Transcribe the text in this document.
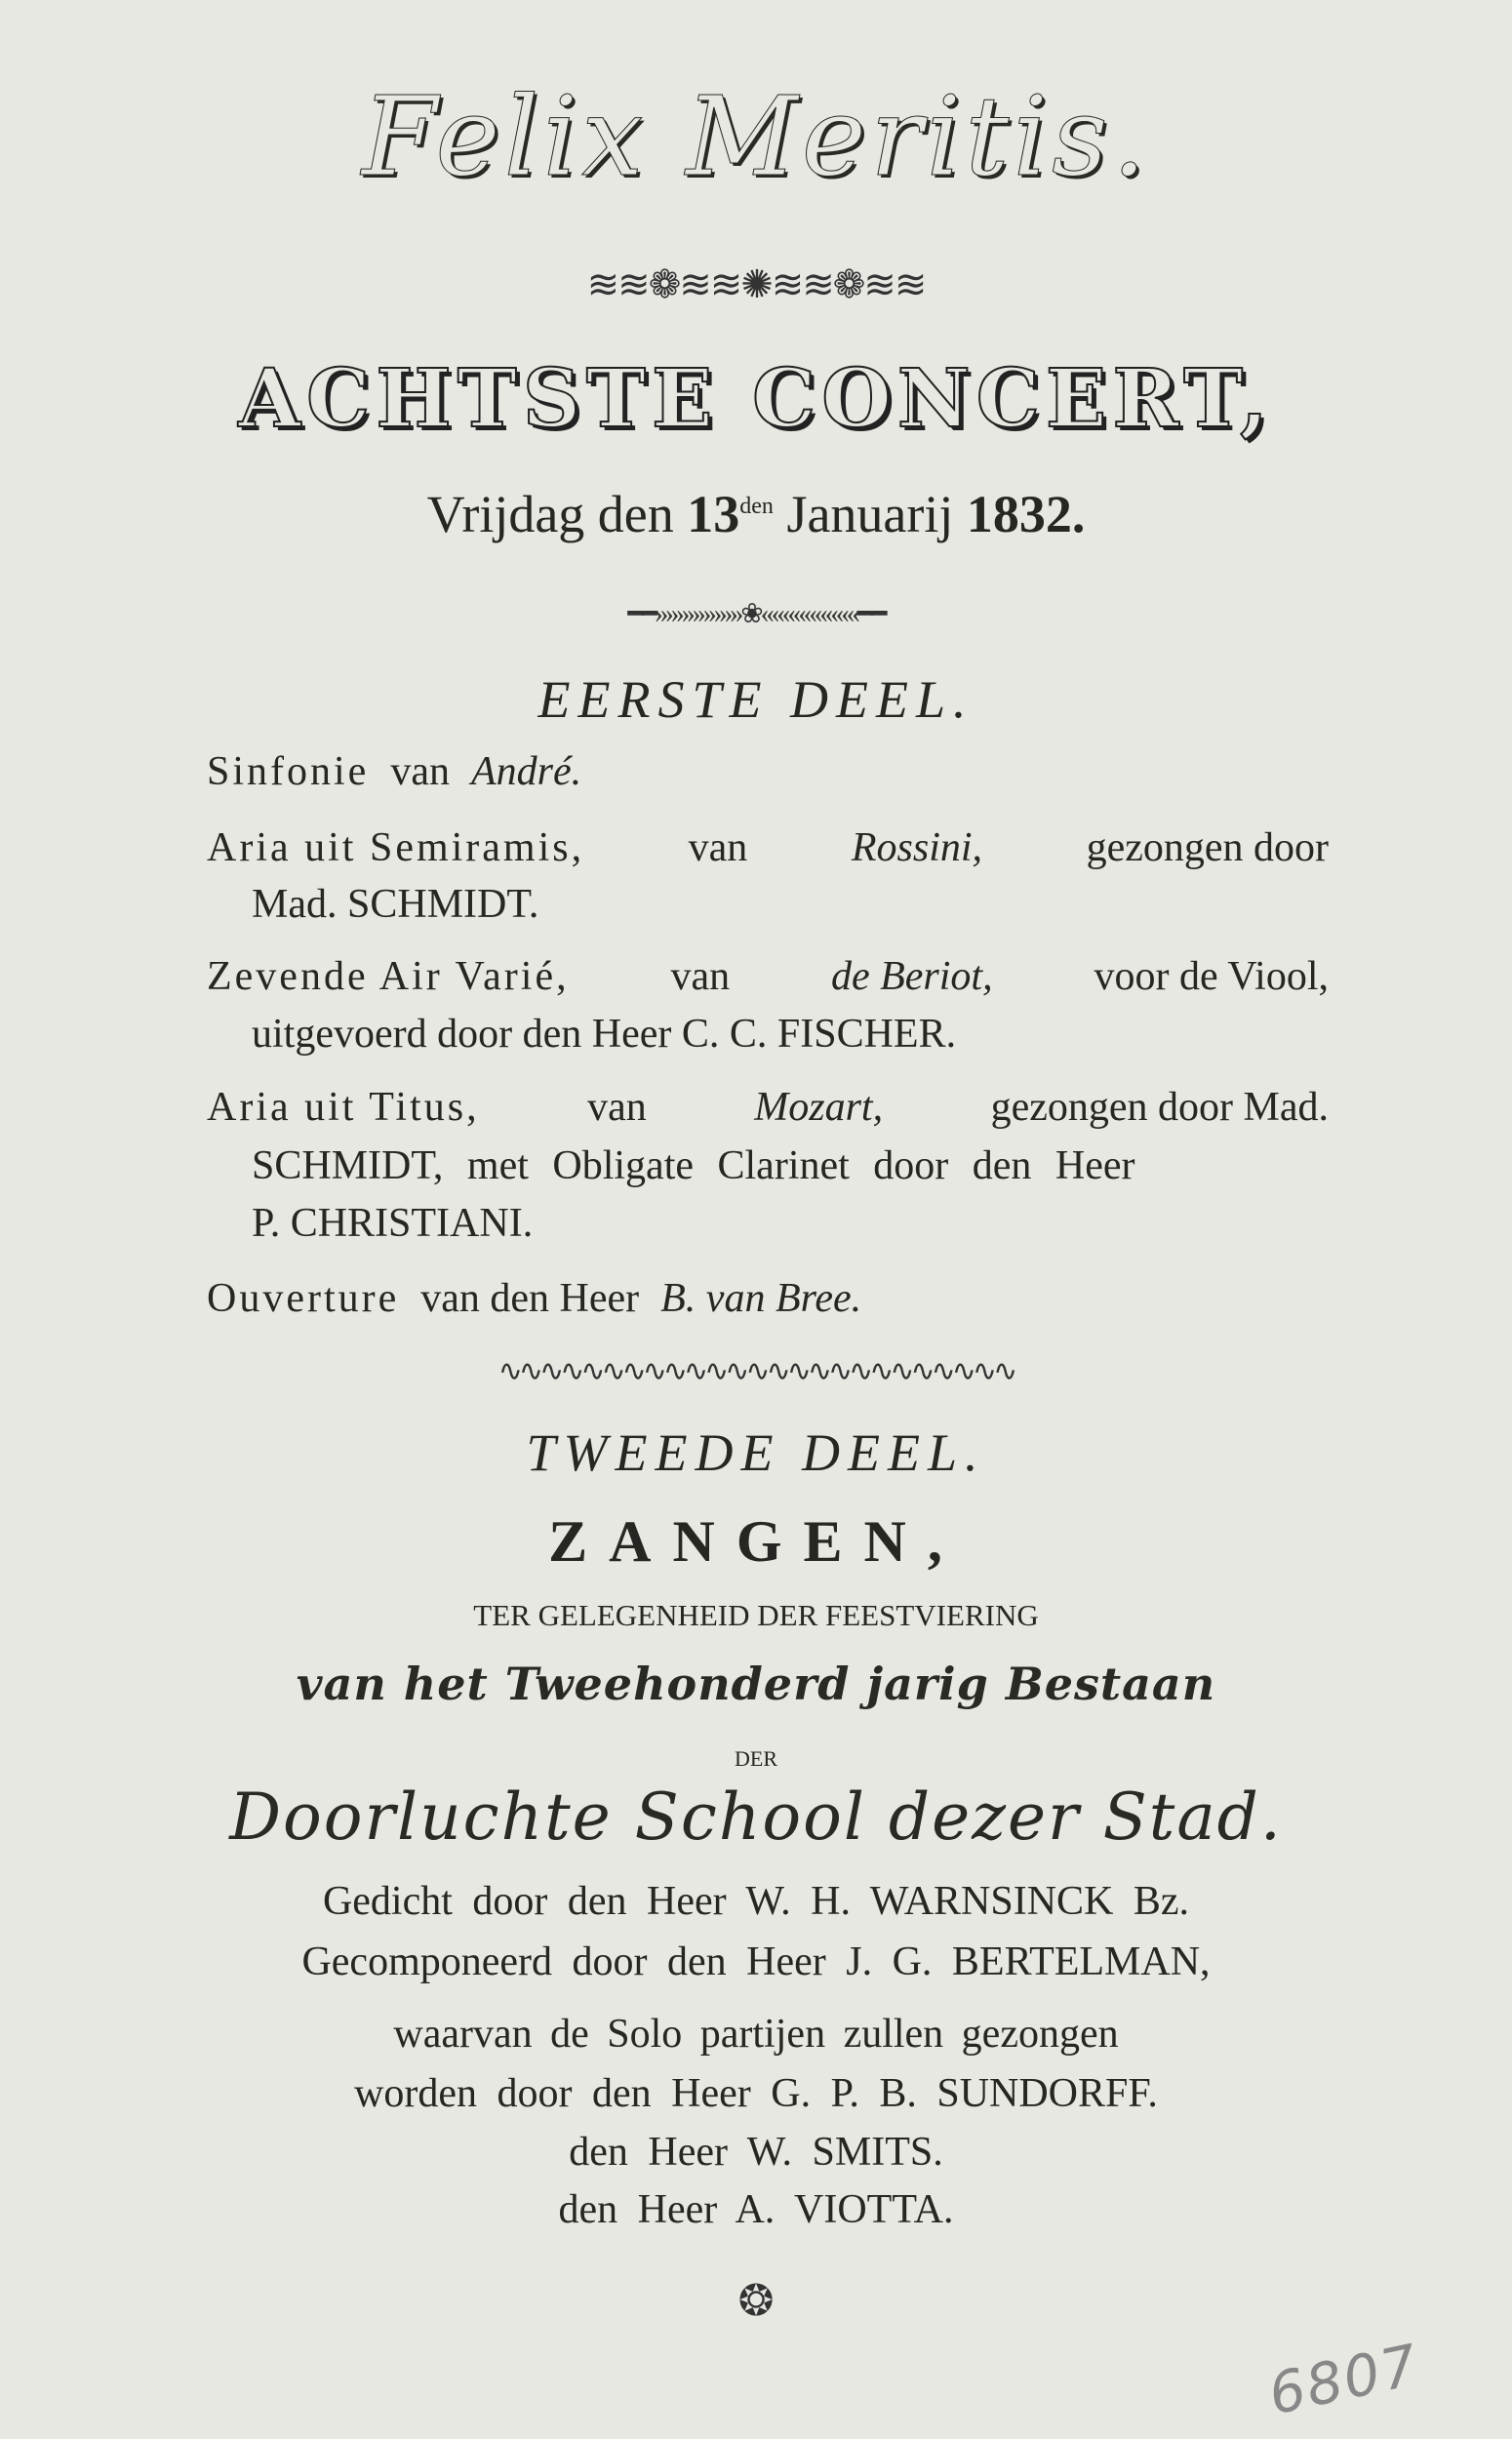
Felix Meritis.
≋≋❁≋≋✺≋≋❁≋≋
ACHTSTE CONCERT,
Vrijdag den $13^{den}$ Januarij 1832.
━━»»»»»»»»❀«««««««««━━
EERSTE DEEL.
Sinfonie van André.
Aria uit Semiramis,	van	Rossini,	gezongen door
Mad. SCHMIDT.
Zevende Air Varié, van de Beriot, voor de Viool,
uitgevoerd door den Heer C. C. FISCHER.
Aria uit Titus,	van	Mozart,	gezongen door Mad.
SCHMIDT, met Obligate Clarinet door den Heer
P. CHRISTIANI.
Ouverture van den Heer B. van Bree.
∿∿∿∿∿∿∿∿∿∿∿∿∿∿∿∿∿∿∿∿∿∿∿∿∿
TWEEDE DEEL.
ZANGEN,
TER GELEGENHEID DER FEESTVIERING
van het Tweehonderd jarig Bestaan
DER
Doorluchte School dezer Stad.
Gedicht door den Heer W. H. WARNSINCK Bz.
Gecomponeerd door den Heer J. G. BERTELMAN,
waarvan de Solo partijen zullen gezongen
worden door den Heer G. P. B. SUNDORFF.
den Heer W. SMITS.
den Heer A. VIOTTA.
❂
6807
